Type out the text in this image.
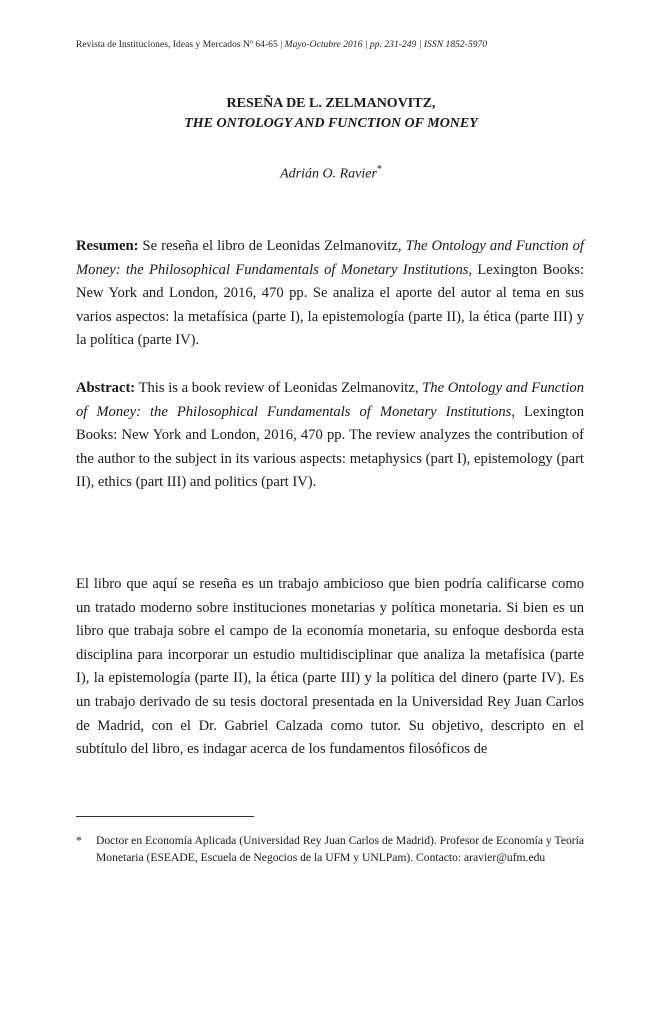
Revista de Instituciones, Ideas y Mercados Nº 64-65 | Mayo-Octubre 2016 | pp. 231-249 | ISSN 1852-5970
RESEÑA DE L. ZELMANOVITZ,
THE ONTOLOGY AND FUNCTION OF MONEY
Adrián O. Ravier*
Resumen: Se reseña el libro de Leonidas Zelmanovitz, The Ontology and Function of Money: the Philosophical Fundamentals of Monetary Institutions, Lexington Books: New York and London, 2016, 470 pp. Se analiza el aporte del autor al tema en sus varios aspectos: la metafísica (parte I), la epistemología (parte II), la ética (parte III) y la política (parte IV).
Abstract: This is a book review of Leonidas Zelmanovitz, The Ontology and Function of Money: the Philosophical Fundamentals of Monetary Institutions, Lexington Books: New York and London, 2016, 470 pp. The review analyzes the contribution of the author to the subject in its various aspects: metaphysics (part I), epistemology (part II), ethics (part III) and politics (part IV).
El libro que aquí se reseña es un trabajo ambicioso que bien podría calificarse como un tratado moderno sobre instituciones monetarias y política monetaria. Si bien es un libro que trabaja sobre el campo de la economía monetaria, su enfoque desborda esta disciplina para incorporar un estudio multidisciplinar que analiza la metafísica (parte I), la epistemología (parte II), la ética (parte III) y la política del dinero (parte IV). Es un trabajo derivado de su tesis doctoral presentada en la Universidad Rey Juan Carlos de Madrid, con el Dr. Gabriel Calzada como tutor. Su objetivo, descripto en el subtítulo del libro, es indagar acerca de los fundamentos filosóficos de
*	Doctor en Economía Aplicada (Universidad Rey Juan Carlos de Madrid). Profesor de Economía y Teoría Monetaria (ESEADE, Escuela de Negocios de la UFM y UNLPam). Contacto: aravier@ufm.edu
